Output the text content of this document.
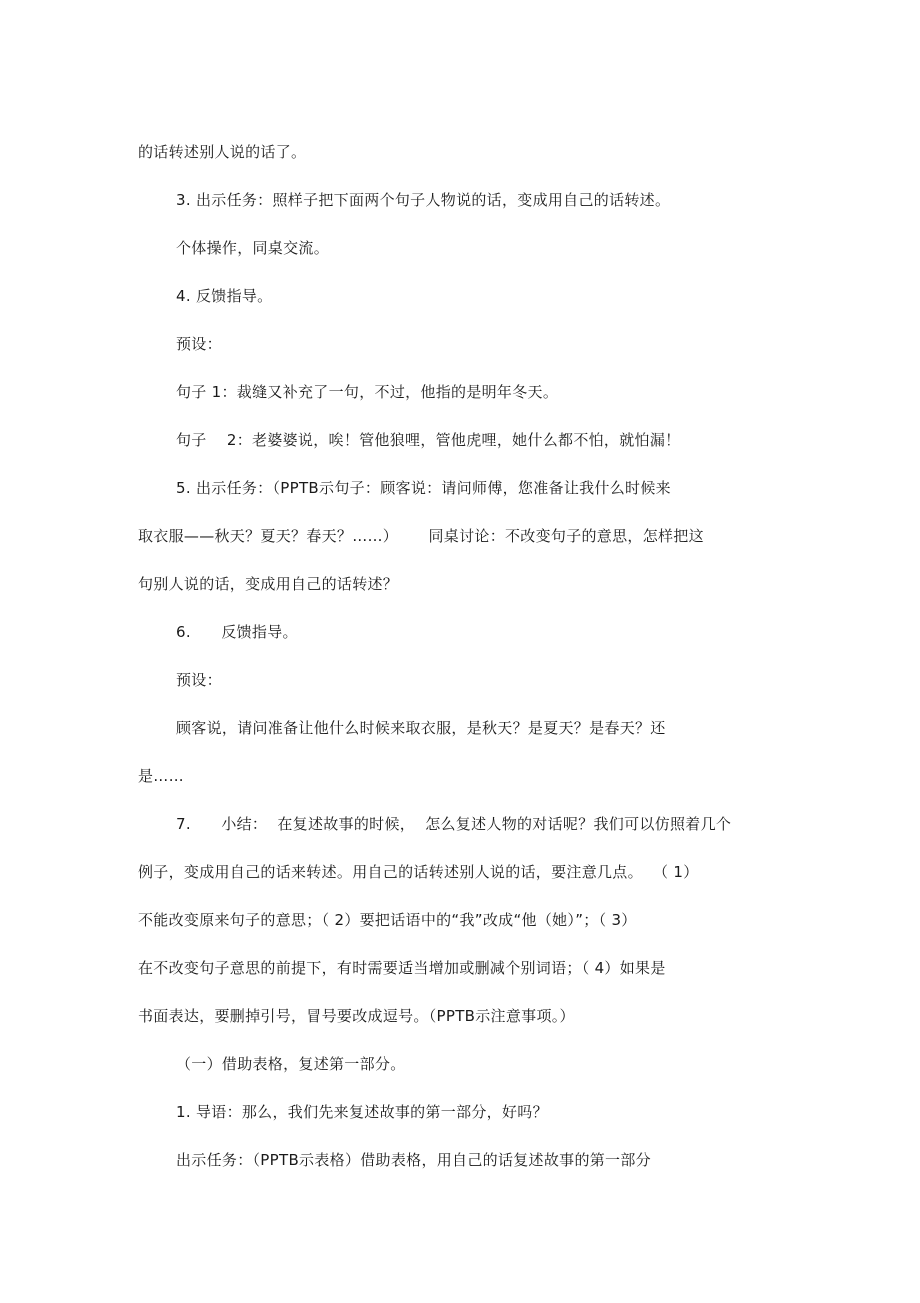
的话转述别人说的话了。
3. 出示任务：照样子把下面两个句子人物说的话，变成用自己的话转述。
个体操作，同桌交流。
4. 反馈指导。
预设：
句子 1：裁缝又补充了一句，不过，他指的是明年冬天。
句子    2：老婆婆说，唉！管他狼哩，管他虎哩，她什么都不怕，就怕漏！
5. 出示任务：（PPTB示句子：顾客说：请问师傅，您准备让我什么时候来
取衣服——秋天？夏天？春天？……）      同桌讨论：不改变句子的意思，怎样把这
句别人说的话，变成用自己的话转述？
6.      反馈指导。
预设：
顾客说，请问准备让他什么时候来取衣服，是秋天？是夏天？是春天？还
是……
7.      小结：  在复述故事的时候，  怎么复述人物的对话呢？我们可以仿照着几个
例子，变成用自己的话来转述。用自己的话转述别人说的话，要注意几点。  （ 1）
不能改变原来句子的意思；（ 2）要把话语中的“我”改成“他（她）”；（ 3）
在不改变句子意思的前提下，有时需要适当增加或删减个别词语；（ 4）如果是
书面表达，要删掉引号，冒号要改成逗号。（PPTB示注意事项。）
（一）借助表格，复述第一部分。
1. 导语：那么，我们先来复述故事的第一部分，好吗？
出示任务：（PPTB示表格）借助表格，用自己的话复述故事的第一部分
